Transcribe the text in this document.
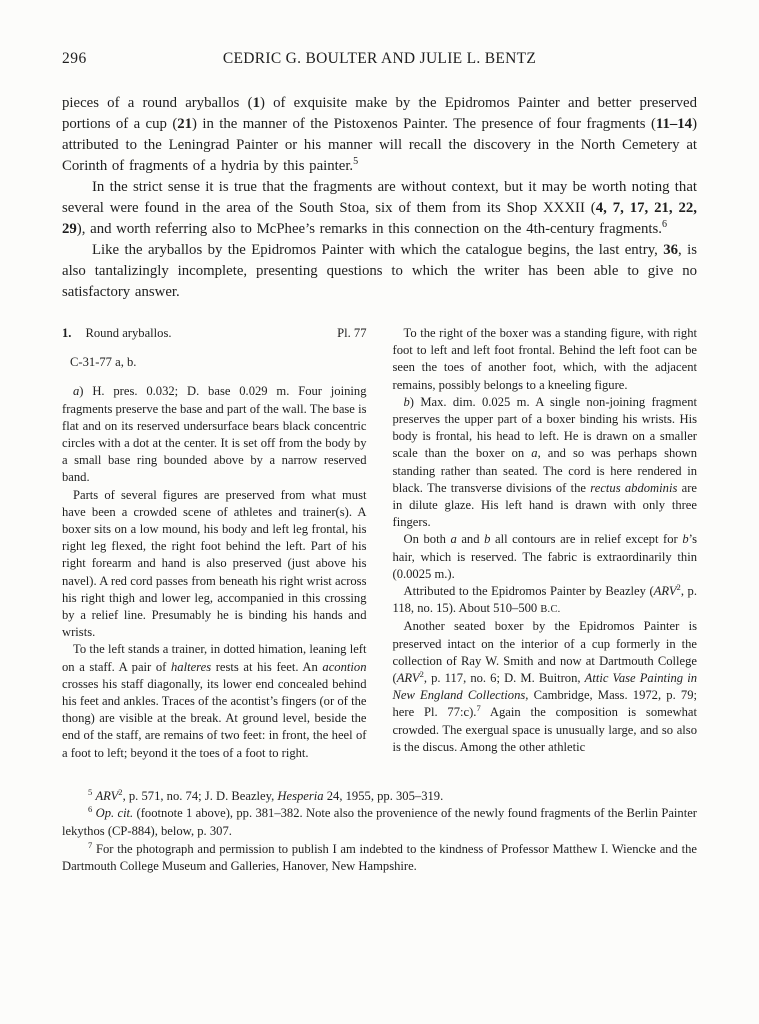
296	CEDRIC G. BOULTER AND JULIE L. BENTZ

pieces of a round aryballos (1) of exquisite make by the Epidromos Painter and better preserved portions of a cup (21) in the manner of the Pistoxenos Painter. The presence of four fragments (11–14) attributed to the Leningrad Painter or his manner will recall the discovery in the North Cemetery at Corinth of fragments of a hydria by this painter.$^5$

In the strict sense it is true that the fragments are without context, but it may be worth noting that several were found in the area of the South Stoa, six of them from its Shop XXXII (4, 7, 17, 21, 22, 29), and worth referring also to McPhee’s remarks in this connection on the 4th-century fragments.$^6$

Like the aryballos by the Epidromos Painter with which the catalogue begins, the last entry, 36, is also tantalizingly incomplete, presenting questions to which the writer has been able to give no satisfactory answer.

1. Round aryballos.	Pl. 77
C-31-77 a, b.

a) H. pres. 0.032; D. base 0.029 m. Four joining fragments preserve the base and part of the wall. The base is flat and on its reserved undersurface bears black concentric circles with a dot at the center. It is set off from the body by a small base ring bounded above by a narrow reserved band.

Parts of several figures are preserved from what must have been a crowded scene of athletes and trainer(s). A boxer sits on a low mound, his body and left leg frontal, his right leg flexed, the right foot behind the left. Part of his right forearm and hand is also preserved (just above his navel). A red cord passes from beneath his right wrist across his right thigh and lower leg, accompanied in this crossing by a relief line. Presumably he is binding his hands and wrists.

To the left stands a trainer, in dotted himation, leaning left on a staff. A pair of halteres rests at his feet. An acontion crosses his staff diagonally, its lower end concealed behind his feet and ankles. Traces of the acontist’s fingers (or of the thong) are visible at the break. At ground level, beside the end of the staff, are remains of two feet: in front, the heel of a foot to left; beyond it the toes of a foot to right.

To the right of the boxer was a standing figure, with right foot to left and left foot frontal. Behind the left foot can be seen the toes of another foot, which, with the adjacent remains, possibly belongs to a kneeling figure.

b) Max. dim. 0.025 m. A single non-joining fragment preserves the upper part of a boxer binding his wrists. His body is frontal, his head to left. He is drawn on a smaller scale than the boxer on a, and so was perhaps shown standing rather than seated. The cord is here rendered in black. The transverse divisions of the rectus abdominis are in dilute glaze. His left hand is drawn with only three fingers.

On both a and b all contours are in relief except for b’s hair, which is reserved. The fabric is extraordinarily thin (0.0025 m.).

Attributed to the Epidromos Painter by Beazley (ARV$^2$, p. 118, no. 15). About 510–500 B.C.

Another seated boxer by the Epidromos Painter is preserved intact on the interior of a cup formerly in the collection of Ray W. Smith and now at Dartmouth College (ARV$^2$, p. 117, no. 6; D. M. Buitron, Attic Vase Painting in New England Collections, Cambridge, Mass. 1972, p. 79; here Pl. 77:c).$^7$ Again the composition is somewhat crowded. The exergual space is unusually large, and so also is the discus. Among the other athletic

$^5$ ARV$^2$, p. 571, no. 74; J. D. Beazley, Hesperia 24, 1955, pp. 305–319.

$^6$ Op. cit. (footnote 1 above), pp. 381–382. Note also the provenience of the newly found fragments of the Berlin Painter lekythos (CP-884), below, p. 307.

$^7$ For the photograph and permission to publish I am indebted to the kindness of Professor Matthew I. Wiencke and the Dartmouth College Museum and Galleries, Hanover, New Hampshire.
